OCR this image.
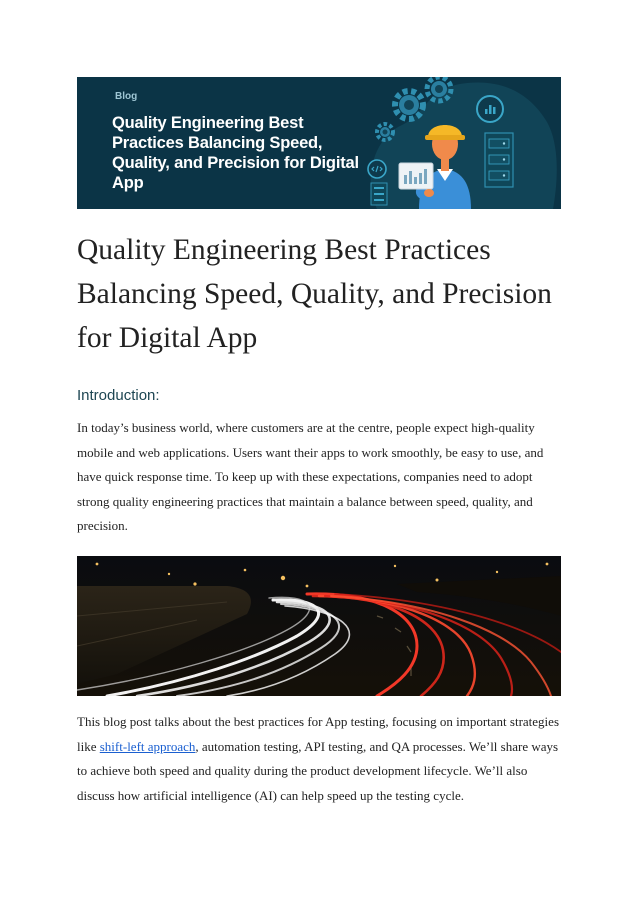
Blog
Quality Engineering Best Practices Balancing Speed, Quality, and Precision for Digital App
Quality Engineering Best Practices Balancing Speed, Quality, and Precision for Digital App
Introduction:

In today’s business world, where customers are at the centre, people expect high-quality mobile and web applications. Users want their apps to work smoothly, be easy to use, and have quick response time. To keep up with these expectations, companies need to adopt strong quality engineering practices that maintain a balance between speed, quality, and precision.

This blog post talks about the best practices for App testing, focusing on important strategies like shift-left approach, automation testing, API testing, and QA processes. We’ll share ways to achieve both speed and quality during the product development lifecycle. We’ll also discuss how artificial intelligence (AI) can help speed up the testing cycle.
